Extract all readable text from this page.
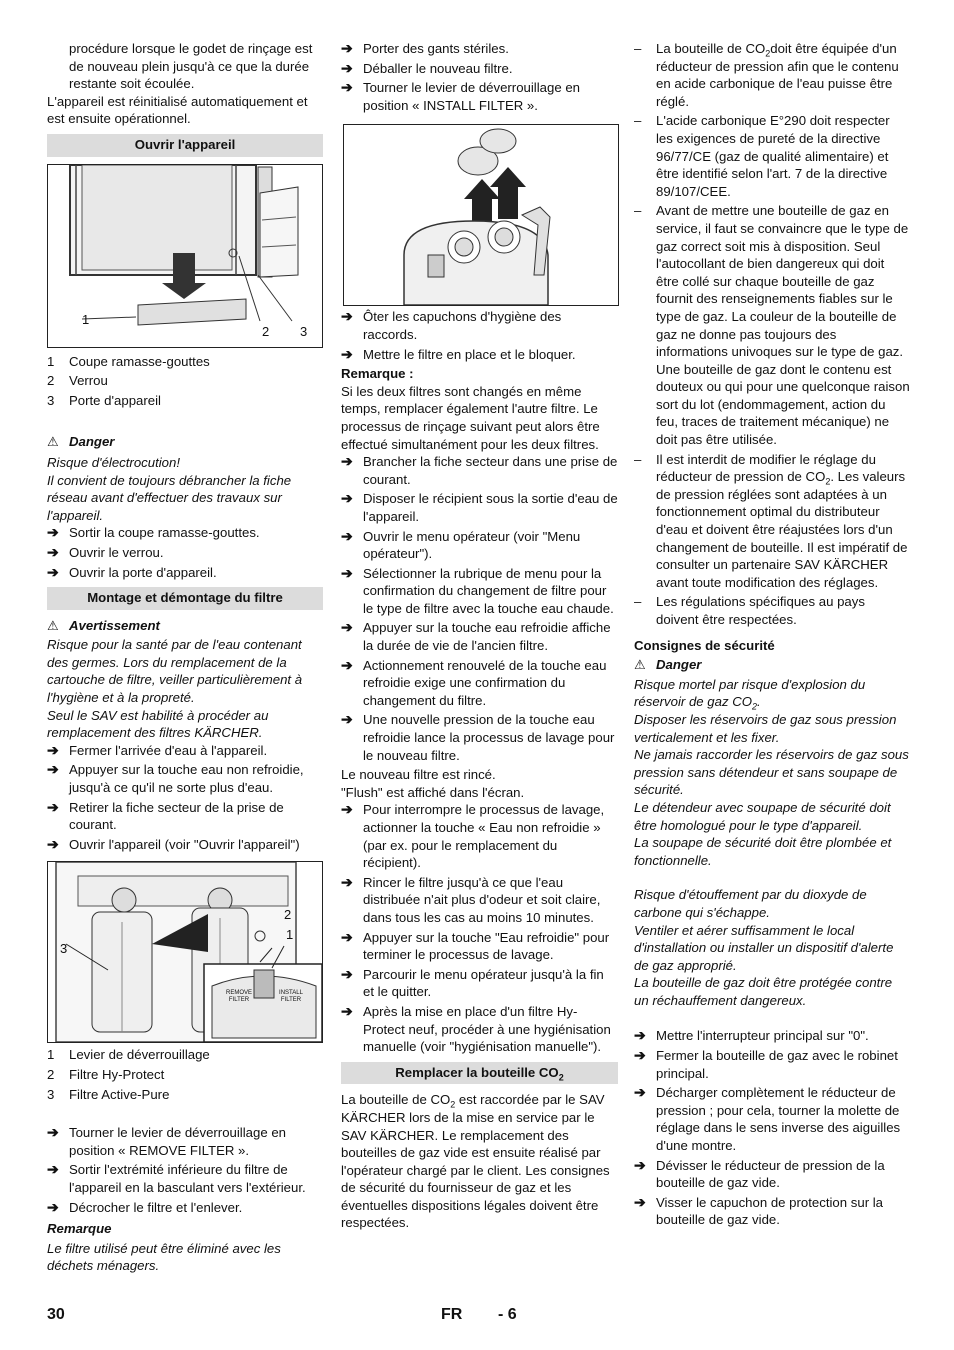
procédure lorsque le godet de rinçage est de nouveau plein jusqu'à ce que la durée restante soit écoulée.

L'appareil est réinitialisé automatiquement et est ensuite opérationnel.

Ouvrir l'appareil
1
2 3
1	Coupe ramasse-gouttes
2	Verrou
3	Porte d'appareil
⚠ Danger

Risque d'électrocution!

Il convient de toujours débrancher la fiche réseau avant d'effectuer des travaux sur l'appareil.

➔ Sortir la coupe ramasse-gouttes.
➔ Ouvrir le verrou.
➔ Ouvrir la porte d'appareil.
Montage et démontage du filtre
⚠ Avertissement

Risque pour la santé par de l'eau contenant des germes. Lors du remplacement de la cartouche de filtre, veiller particulièrement à l'hygiène et à la propreté.

Seul le SAV est habilité à procéder au remplacement des filtres KÄRCHER.

➔ Fermer l'arrivée d'eau à l'appareil.
➔ Appuyer sur la touche eau non refroidie, jusqu'à ce qu'il ne sorte plus d'eau.
➔ Retirer la fiche secteur de la prise de courant.
➔ Ouvrir l'appareil (voir "Ouvrir l'appareil")
2
1
3
REMOVE FILTER
INSTALL FILTER
1	Levier de déverrouillage
2	Filtre Hy-Protect
3	Filtre Active-Pure
➔ Tourner le levier de déverrouillage en position « REMOVE FILTER ».
➔ Sortir l'extrémité inférieure du filtre de l'appareil en la basculant vers l'extérieur.
➔ Décrocher le filtre et l'enlever.

Remarque

Le filtre utilisé peut être éliminé avec les déchets ménagers.

➔ Porter des gants stériles.
➔ Déballer le nouveau filtre.
➔ Tourner le levier de déverrouillage en position « INSTALL FILTER ».
➔ Ôter les capuchons d'hygiène des raccords.
➔ Mettre le filtre en place et le bloquer.

Remarque :

Si les deux filtres sont changés en même temps, remplacer également l'autre filtre. Le processus de rinçage suivant peut alors être effectué simultanément pour les deux filtres.

➔ Brancher la fiche secteur dans une prise de courant.
➔ Disposer le récipient sous la sortie d'eau de l'appareil.
➔ Ouvrir le menu opérateur (voir "Menu opérateur").
➔ Sélectionner la rubrique de menu pour la confirmation du changement de filtre pour le type de filtre avec la touche eau chaude.
➔ Appuyer sur la touche eau refroidie affiche la durée de vie de l'ancien filtre.
➔ Actionnement renouvelé de la touche eau refroidie exige une confirmation du changement du filtre.
➔ Une nouvelle pression de la touche eau refroidie lance la processus de lavage pour le nouveau filtre.

Le nouveau filtre est rincé.

"Flush" est affiché dans l'écran.

➔ Pour interrompre le processus de lavage, actionner la touche « Eau non refroidie » (par ex. pour le remplacement du récipient).
➔ Rincer le filtre jusqu'à ce que l'eau distribuée n'ait plus d'odeur et soit claire, dans tous les cas au moins 10 minutes.
➔ Appuyer sur la touche "Eau refroidie" pour terminer le processus de lavage.
➔ Parcourir le menu opérateur jusqu'à la fin et le quitter.
➔ Après la mise en place d'un filtre Hy-Protect neuf, procéder à une hygiénisation manuelle (voir "hygiénisation manuelle").
Remplacer la bouteille $CO_2$

La bouteille de $CO_2$ est raccordée par le SAV KÄRCHER lors de la mise en service par le SAV KÄRCHER. Le remplacement des bouteilles de gaz vide est ensuite réalisé par l'opérateur chargé par le client. Les consignes de sécurité du fournisseur de gaz et les éventuelles dispositions légales doivent être respectées.

–	La bouteille de $CO_2doit$ être équipée d'un réducteur de pression afin que le contenu en acide carbonique de l'eau puisse être réglé.
–	L'acide carbonique E°290 doit respecter les exigences de pureté de la directive 96/77/CE (gaz de qualité alimentaire) et être identifié selon l'art. 7 de la directive 89/107/CEE.
–	Avant de mettre une bouteille de gaz en service, il faut se convaincre que le type de gaz correct soit mis à disposition. Seul l'autocollant de bien dangereux qui doit être collé sur chaque bouteille de gaz fournit des renseignements fiables sur le type de gaz. La couleur de la bouteille de gaz ne donne pas toujours des informations univoques sur le type de gaz. Une bouteille de gaz dont le contenu est douteux ou qui pour une quelconque raison sort du lot (endommagement, action du feu, traces de traitement mécanique) ne doit pas être utilisée.
–	Il est interdit de modifier le réglage du réducteur de pression de $CO_2$. Les valeurs de pression réglées sont adaptées à un fonctionnement optimal du distributeur d'eau et doivent être réajustées lors d'un changement de bouteille. Il est impératif de consulter un partenaire SAV KÄRCHER avant toute modification des réglages.
–	Les régulations spécifiques au pays doivent être respectées.

Consignes de sécurité

⚠ Danger

Risque mortel par risque d'explosion du réservoir de gaz $CO_2$.

Disposer les réservoirs de gaz sous pression verticalement et les fixer.

Ne jamais raccorder les réservoirs de gaz sous pression sans détendeur et sans soupape de sécurité.

Le détendeur avec soupape de sécurité doit être homologué pour le type d'appareil.

La soupape de sécurité doit être plombée et fonctionnelle.

Risque d'étouffement par du dioxyde de carbone qui s'échappe.

Ventiler et aérer suffisamment le local d'installation ou installer un dispositif d'alerte de gaz approprié.

La bouteille de gaz doit être protégée contre un réchauffement dangereux.

➔ Mettre l'interrupteur principal sur "0".
➔ Fermer la bouteille de gaz avec le robinet principal.
➔ Décharger complètement le réducteur de pression ; pour cela, tourner la molette de réglage dans le sens inverse des aiguilles d'une montre.
➔ Dévisser le réducteur de pression de la bouteille de gaz vide.
➔ Visser le capuchon de protection sur la bouteille de gaz vide.
30	FR - 6
